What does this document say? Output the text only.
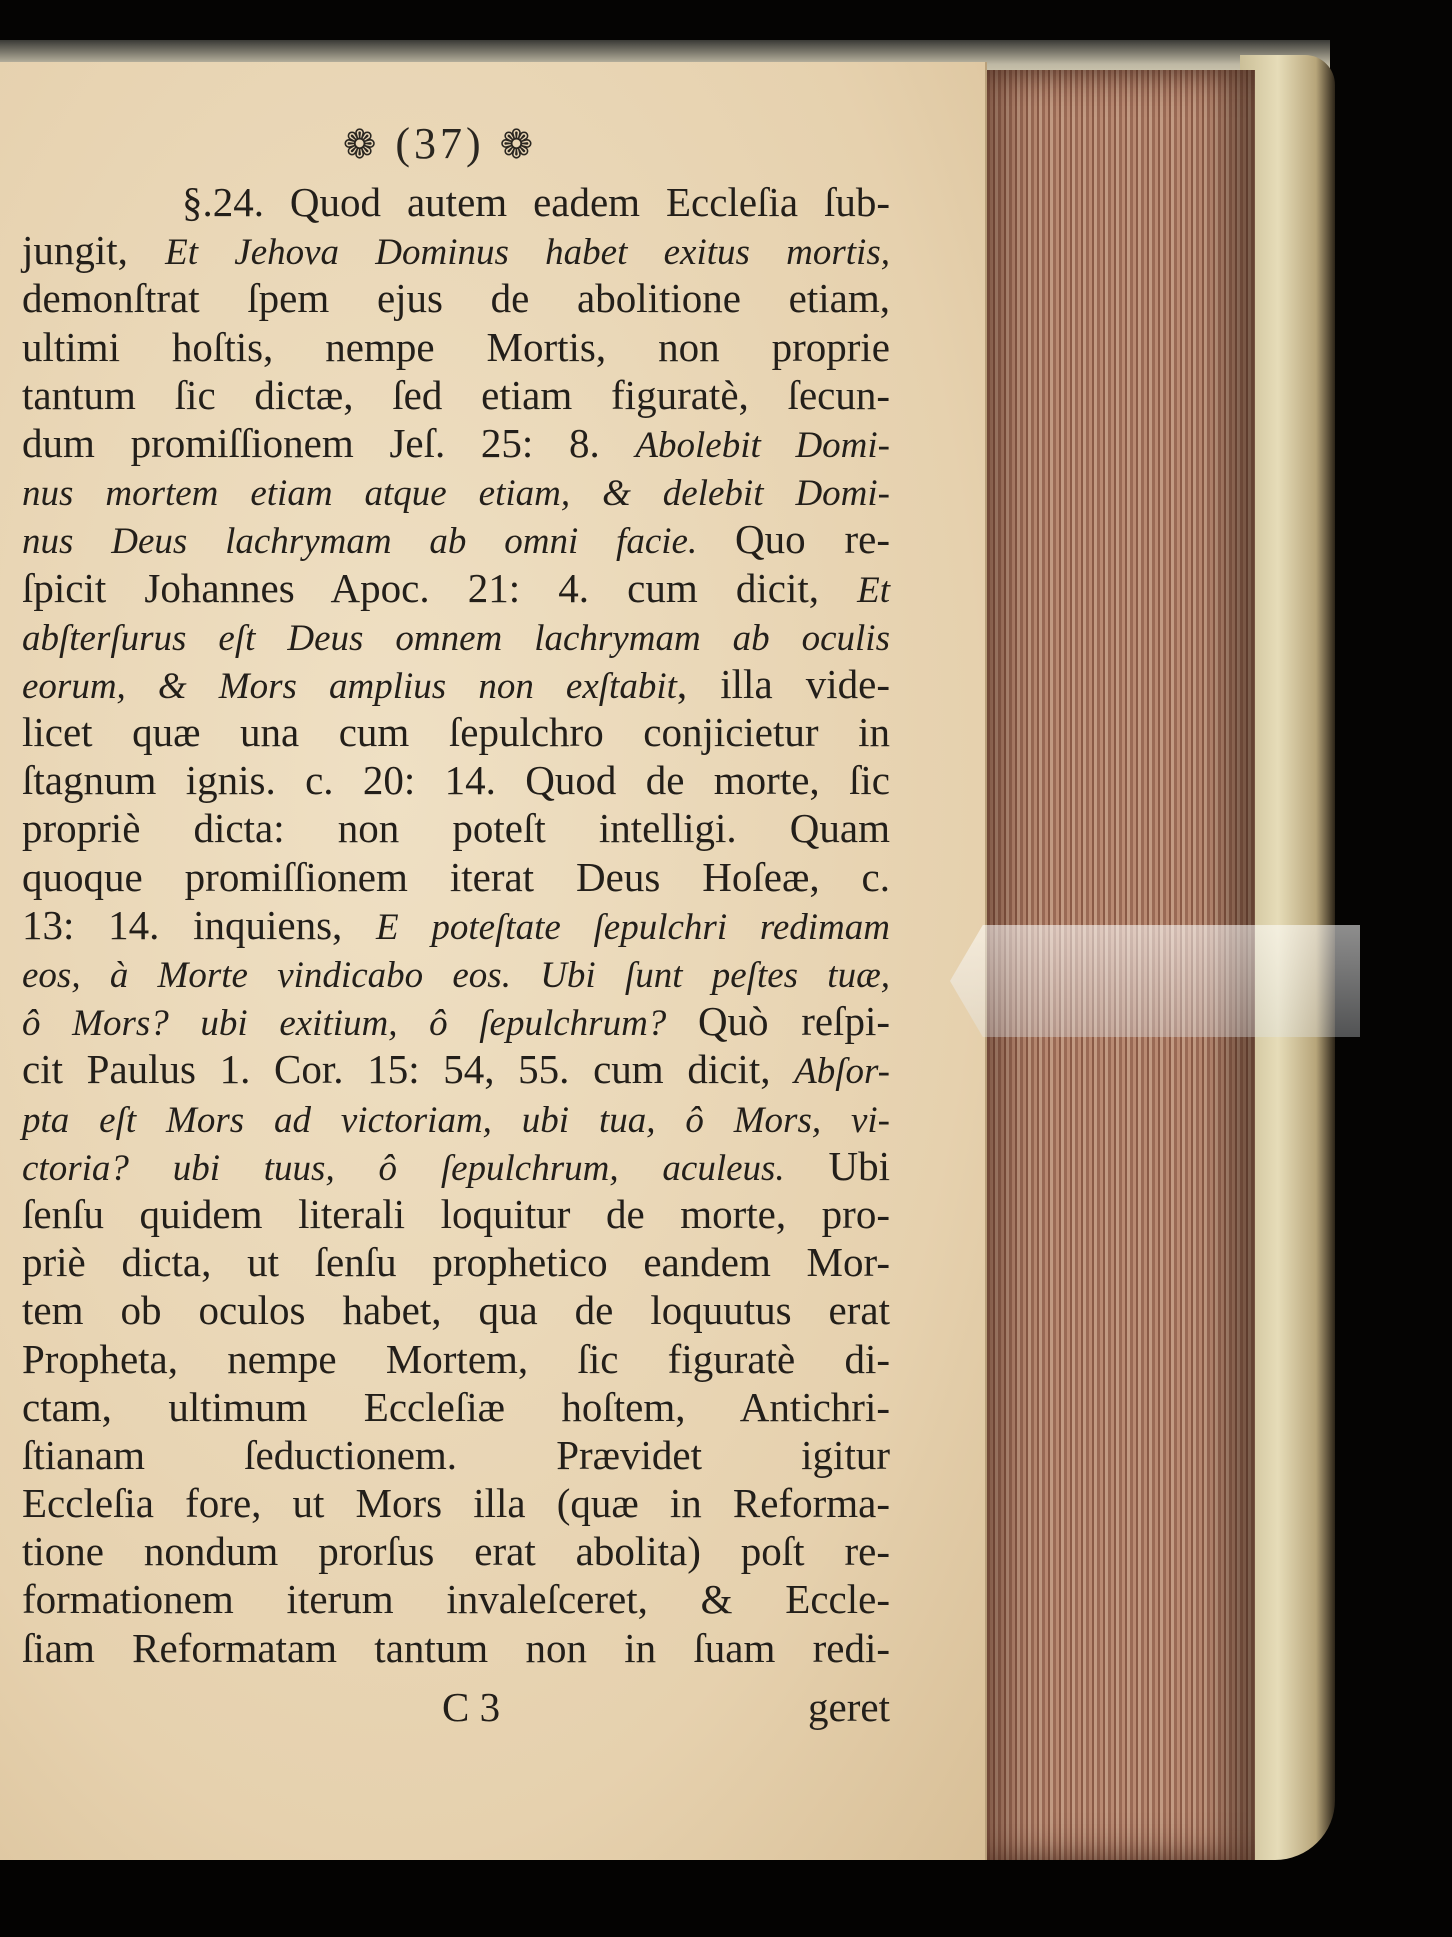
❁ (37) ❁
§.24. Quod autem eadem Eccleſia ſub-
jungit, Et Jehova Dominus habet exitus mortis,
demonſtrat ſpem ejus de abolitione etiam,
ultimi hoſtis, nempe Mortis, non proprie
tantum ſic dictæ, ſed etiam figuratè, ſecun-
dum promiſſionem Jeſ. 25: 8. Abolebit Domi-
nus mortem etiam atque etiam, & delebit Domi-
nus Deus lachrymam ab omni facie. Quo re-
ſpicit Johannes Apoc. 21: 4. cum dicit, Et
abſterſurus eſt Deus omnem lachrymam ab oculis
eorum, & Mors amplius non exſtabit, illa vide-
licet quæ una cum ſepulchro conjicietur in
ſtagnum ignis. c. 20: 14. Quod de morte, ſic
propriè dicta: non poteſt intelligi. Quam
quoque promiſſionem iterat Deus Hoſeæ, c.
13: 14. inquiens, E poteſtate ſepulchri redimam
eos, à Morte vindicabo eos. Ubi ſunt peſtes tuæ,
ô Mors? ubi exitium, ô ſepulchrum? Quò reſpi-
cit Paulus 1. Cor. 15: 54, 55. cum dicit, Abſor-
pta eſt Mors ad victoriam, ubi tua, ô Mors, vi-
ctoria? ubi tuus, ô ſepulchrum, aculeus. Ubi
ſenſu quidem literali loquitur de morte, pro-
priè dicta, ut ſenſu prophetico eandem Mor-
tem ob oculos habet, qua de loquutus erat
Propheta, nempe Mortem, ſic figuratè di-
ctam, ultimum Eccleſiæ hoſtem, Antichri-
ſtianam ſeductionem. Prævidet igitur
Eccleſia fore, ut Mors illa (quæ in Reforma-
tione nondum prorſus erat abolita) poſt re-
formationem iterum invaleſceret, & Eccle-
ſiam Reformatam tantum non in ſuam redi-
C 3	geret
